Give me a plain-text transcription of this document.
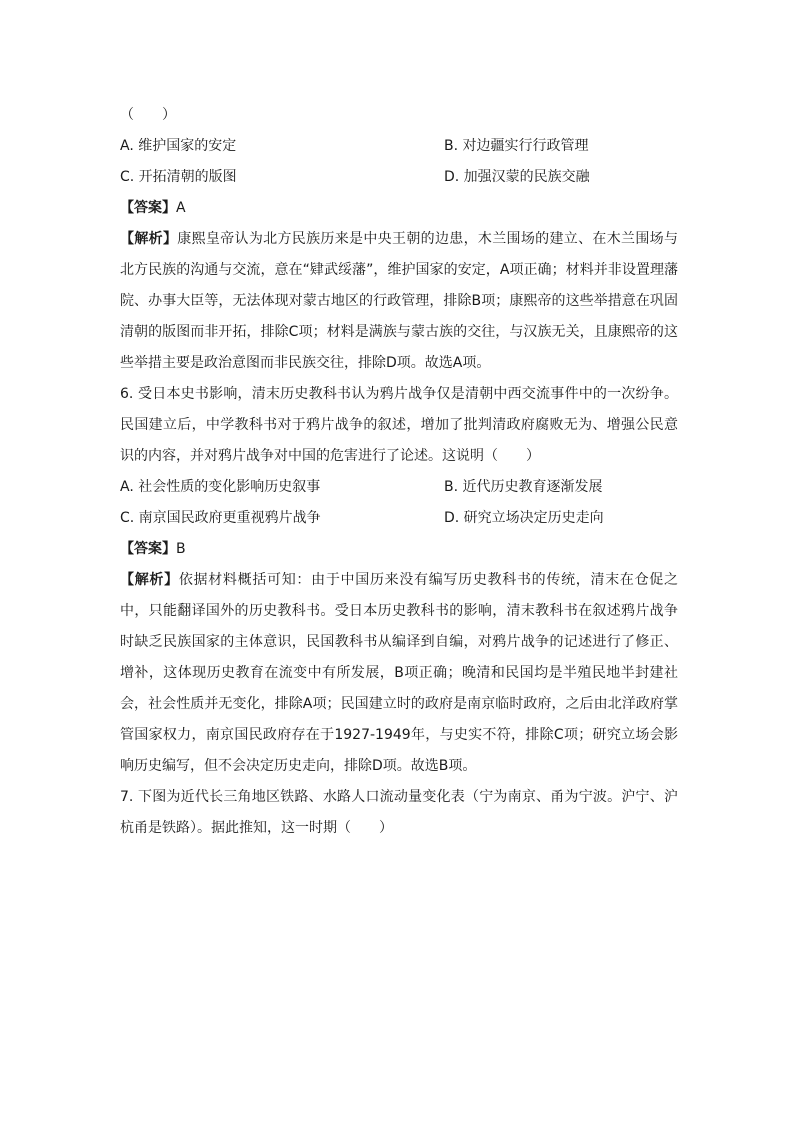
（　　）
A. 维护国家的安定	B. 对边疆实行行政管理
C. 开拓清朝的版图	D. 加强汉蒙的民族交融
【答案】A
【解析】康熙皇帝认为北方民族历来是中央王朝的边患，木兰围场的建立、在木兰围场与北方民族的沟通与交流，意在“肄武绥藩”，维护国家的安定，A项正确；材料并非设置理藩院、办事大臣等，无法体现对蒙古地区的行政管理，排除B项；康熙帝的这些举措意在巩固清朝的版图而非开拓，排除C项；材料是满族与蒙古族的交往，与汉族无关，且康熙帝的这些举措主要是政治意图而非民族交往，排除D项。故选A项。
6. 受日本史书影响，清末历史教科书认为鸦片战争仅是清朝中西交流事件中的一次纷争。民国建立后，中学教科书对于鸦片战争的叙述，增加了批判清政府腐败无为、增强公民意识的内容，并对鸦片战争对中国的危害进行了论述。这说明（　　）
A. 社会性质的变化影响历史叙事	B. 近代历史教育逐渐发展
C. 南京国民政府更重视鸦片战争	D. 研究立场决定历史走向
【答案】B
【解析】依据材料概括可知：由于中国历来没有编写历史教科书的传统，清末在仓促之中，只能翻译国外的历史教科书。受日本历史教科书的影响，清末教科书在叙述鸦片战争时缺乏民族国家的主体意识，民国教科书从编译到自编，对鸦片战争的记述进行了修正、增补，这体现历史教育在流变中有所发展，B项正确；晚清和民国均是半殖民地半封建社会，社会性质并无变化，排除A项；民国建立时的政府是南京临时政府，之后由北洋政府掌管国家权力，南京国民政府存在于1927-1949年，与史实不符，排除C项；研究立场会影响历史编写，但不会决定历史走向，排除D项。故选B项。
7. 下图为近代长三角地区铁路、水路人口流动量变化表（宁为南京、甬为宁波。沪宁、沪杭甬是铁路）。据此推知，这一时期（　　）
